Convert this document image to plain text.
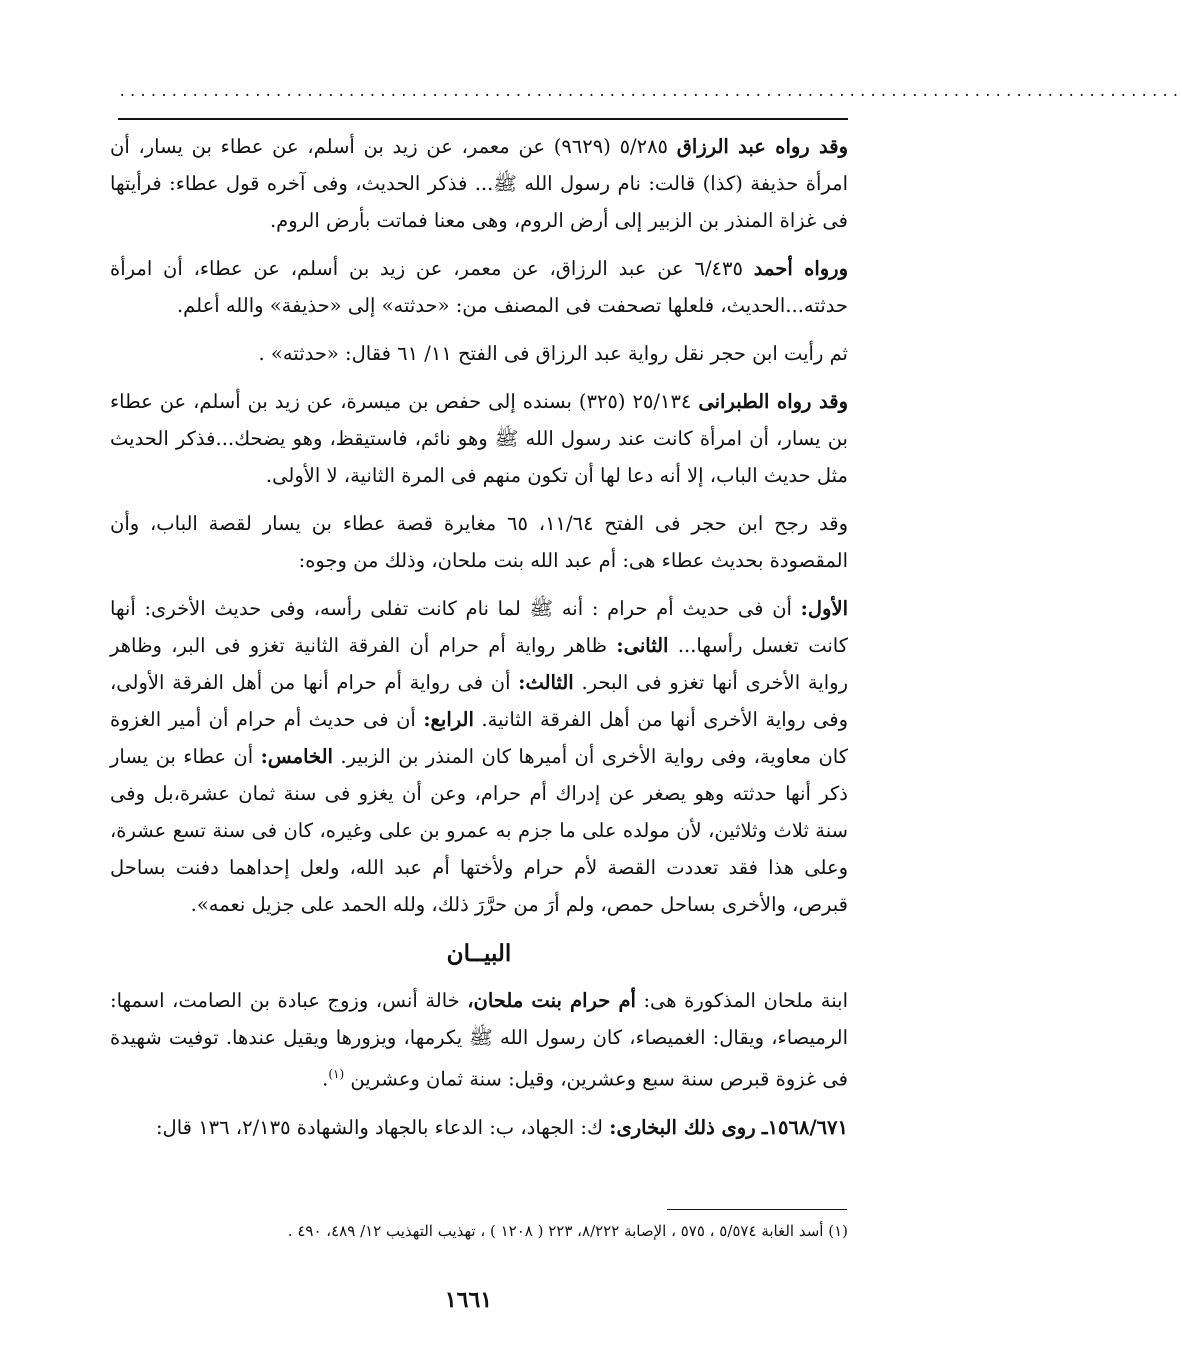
......................................................................................................

وقد رواه عبد الرزاق ٥/٢٨٥ (٩٦٢٩) عن معمر، عن زيد بن أسلم، عن عطاء بن يسار، أن امرأة حذيفة (كذا) قالت: نام رسول الله ﷺ... فذكر الحديث، وفى آخره قول عطاء: فرأيتها فى غزاة المنذر بن الزبير إلى أرض الروم، وهى معنا فماتت بأرض الروم.

ورواه أحمد ٦/٤٣٥ عن عبد الرزاق، عن معمر، عن زيد بن أسلم، عن عطاء، أن امرأة حدثته...الحديث، فلعلها تصحفت فى المصنف من: «حدثته» إلى «حذيفة» والله أعلم.

ثم رأيت ابن حجر نقل رواية عبد الرزاق فى الفتح ١١/ ٦١ فقال: «حدثته» .

وقد رواه الطبرانى ٢٥/١٣٤ (٣٢٥) بسنده إلى حفص بن ميسرة، عن زيد بن أسلم، عن عطاء بن يسار، أن امرأة كانت عند رسول الله ﷺ وهو نائم، فاستيقظ، وهو يضحك...فذكر الحديث مثل حديث الباب، إلا أنه دعا لها أن تكون منهم فى المرة الثانية، لا الأولى.

وقد رجح ابن حجر فى الفتح ١١/٦٤، ٦٥ مغايرة قصة عطاء بن يسار لقصة الباب، وأن المقصودة بحديث عطاء هى: أم عبد الله بنت ملحان، وذلك من وجوه:

الأول: أن فى حديث أم حرام : أنه ﷺ لما نام كانت تفلى رأسه، وفى حديث الأخرى: أنها كانت تغسل رأسها... الثانى: ظاهر رواية أم حرام أن الفرقة الثانية تغزو فى البر، وظاهر رواية الأخرى أنها تغزو فى البحر. الثالث: أن فى رواية أم حرام أنها من أهل الفرقة الأولى، وفى رواية الأخرى أنها من أهل الفرقة الثانية. الرابع: أن فى حديث أم حرام أن أمير الغزوة كان معاوية، وفى رواية الأخرى أن أميرها كان المنذر بن الزبير. الخامس: أن عطاء بن يسار ذكر أنها حدثته وهو يصغر عن إدراك أم حرام، وعن أن يغزو فى سنة ثمان عشرة،بل وفى سنة ثلاث وثلاثين، لأن مولده على ما جزم به عمرو بن على وغيره، كان فى سنة تسع عشرة، وعلى هذا فقد تعددت القصة لأم حرام ولأختها أم عبد الله، ولعل إحداهما دفنت بساحل قبرص، والأخرى بساحل حمص، ولم أرَ من حرَّرَ ذلك، ولله الحمد على جزيل نعمه».

البيــان

ابنة ملحان المذكورة هى: أم حرام بنت ملحان، خالة أنس، وزوج عبادة بن الصامت، اسمها: الرميصاء، ويقال: الغميصاء، كان رسول الله ﷺ يكرمها، ويزورها ويقيل عندها. توفيت شهيدة فى غزوة قبرص سنة سبع وعشرين، وقيل: سنة ثمان وعشرين $^{(١)}$.

١٥٦٨/٦٧١ـ روى ذلك البخارى: ك: الجهاد، ب: الدعاء بالجهاد والشهادة ٢/١٣٥، ١٣٦ قال:

(١) أسد الغابة ٥/٥٧٤ ، ٥٧٥ ، الإصابة ٨/٢٢٢، ٢٢٣ ( ١٢٠٨ ) ، تهذيب التهذيب ١٢/ ٤٨٩، ٤٩٠ .
١٦٦١
